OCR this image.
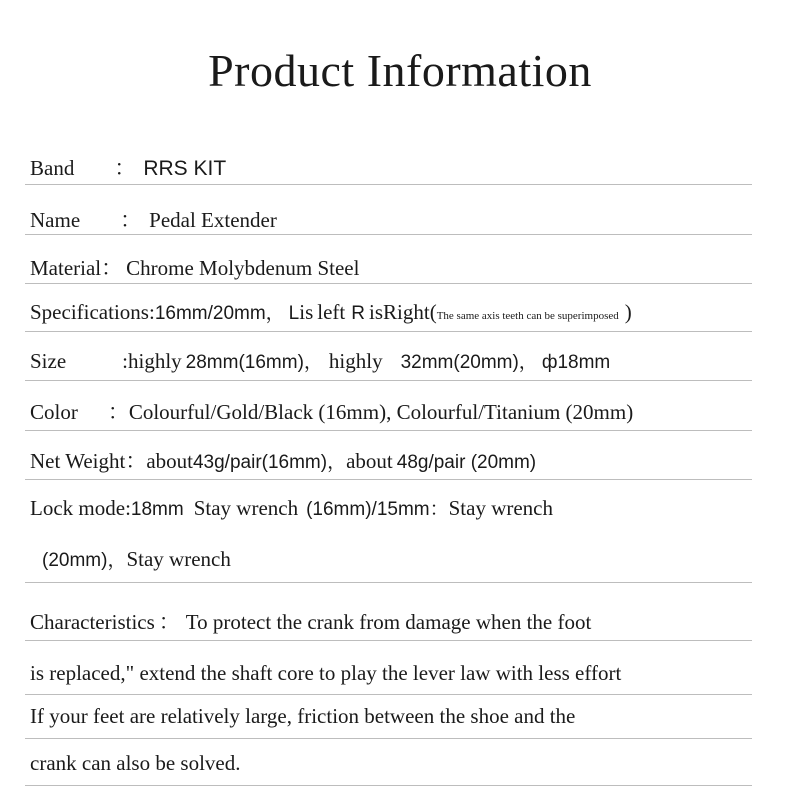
Product Information
Band ： RRS KIT
Name ： Pedal Extender
Material： Chrome Molybdenum Steel
Specifications:16mm/20mm， Lis left R isRight(The same axis teeth can be superimposed )
Size	:highly 28mm(16mm)， highly 32mm(20mm)， ф18mm
Color ：Colourful/Gold/Black (16mm), Colourful/Titanium (20mm)
Net Weight：about43g/pair(16mm)，about 48g/pair (20mm)
Lock mode:18mm Stay wrench (16mm)/15mm：Stay wrench
(20mm)，Stay wrench
Characteristics ： To protect the crank from damage when the foot
is replaced," extend the shaft core to play the lever law with less effort
If your feet are relatively large, friction between the shoe and the
crank can also be solved.
